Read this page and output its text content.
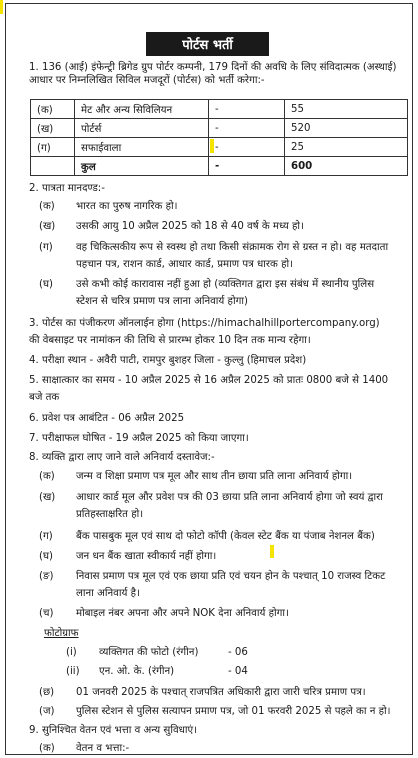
पोर्टस भर्ती
1. 136 (आई) इंफेन्ट्री ब्रिगेड ग्रुप पोर्टर कम्पनी, 179 दिनों की अवधि के लिए संविदात्मक (अस्थाई) आधार पर निम्नलिखित सिविल मजदूरों (पोर्टस) को भर्ती करेगा:-
(क)	मेट और अन्य सिविलियन	-	55
(ख)	पोर्टर्स	-	520
(ग)	सफाईवाला	-	25
	कुल	-	600
2. पात्रता मानदण्ड:-
(क) भारत का पुरुष नागरिक हो।
(ख) उसकी आयु 10 अप्रैल 2025 को 18 से 40 वर्ष के मध्य हो।
(ग) वह चिकित्सकीय रूप से स्वस्थ हो तथा किसी संक्रामक रोग से ग्रस्त न हो। वह मतदाता
पहचान पत्र, राशन कार्ड, आधार कार्ड, प्रमाण पत्र धारक हो।
(घ) उसे कभी कोई कारावास नहीं हुआ हो (व्यक्तिगत द्वारा इस संबंध में स्थानीय पुलिस
स्टेशन से चरित्र प्रमाण पत्र लाना अनिवार्य होगा)
3. पोर्टस का पंजीकरण ऑनलाईन होगा (https://himachalhillportercompany.org)
की वेबसाइट पर नामांकन की तिथि से प्रारम्भ होकर 10 दिन तक मान्य रहेगा।
4. परीक्षा स्थान - अवैरी पाटी, रामपुर बुशहर जिला - कुल्लु (हिमाचल प्रदेश)
5. साक्षात्कार का समय - 10 अप्रैल 2025 से 16 अप्रैल 2025 को प्रातः 0800 बजे से 1400
बजे तक
6. प्रवेश पत्र आबंटित - 06 अप्रैल 2025
7. परीक्षाफल घोषित - 19 अप्रैल 2025 को किया जाएगा।
8. व्यक्ति द्वारा लाए जाने वाले अनिवार्य दस्तावेज:-
(क) जन्म व शिक्षा प्रमाण पत्र मूल और साथ तीन छाया प्रति लाना अनिवार्य होगा।
(ख) आधार कार्ड मूल और प्रवेश पत्र की 03 छाया प्रति लाना अनिवार्य होगा जो स्वयं द्वारा
प्रतिहस्ताक्षरित हो।
(ग) बैंक पासबुक मूल एवं साथ दो फोटो कॉपी (केवल स्टेट बैंक या पंजाब नेशनल बैंक)
(घ) जन धन बैंक खाता स्वीकार्य नहीं होगा।
(ङ) निवास प्रमाण पत्र मूल एवं एक छाया प्रति एवं चयन होन के पश्चात् 10 राजस्व टिकट
लाना अनिवार्य है।
(च) मोबाइल नंबर अपना और अपने NOK देना अनिवार्य होगा।
फोटोग्राफ
(i) व्यक्तिगत की फोटो (रंगीन)	- 06
(ii) एन. ओ. के. (रंगीन)	- 04
(छ) 01 जनवरी 2025 के पश्चात् राजपत्रित अधिकारी द्वारा जारी चरित्र प्रमाण पत्र।
(ज) पुलिस स्टेशन से पुलिस सत्यापन प्रमाण पत्र, जो 01 फरवरी 2025 से पहले का न हो।
9. सुनिश्चित वेतन एवं भत्ता व अन्य सुविधाएं।
(क) वेतन व भत्ता:-
